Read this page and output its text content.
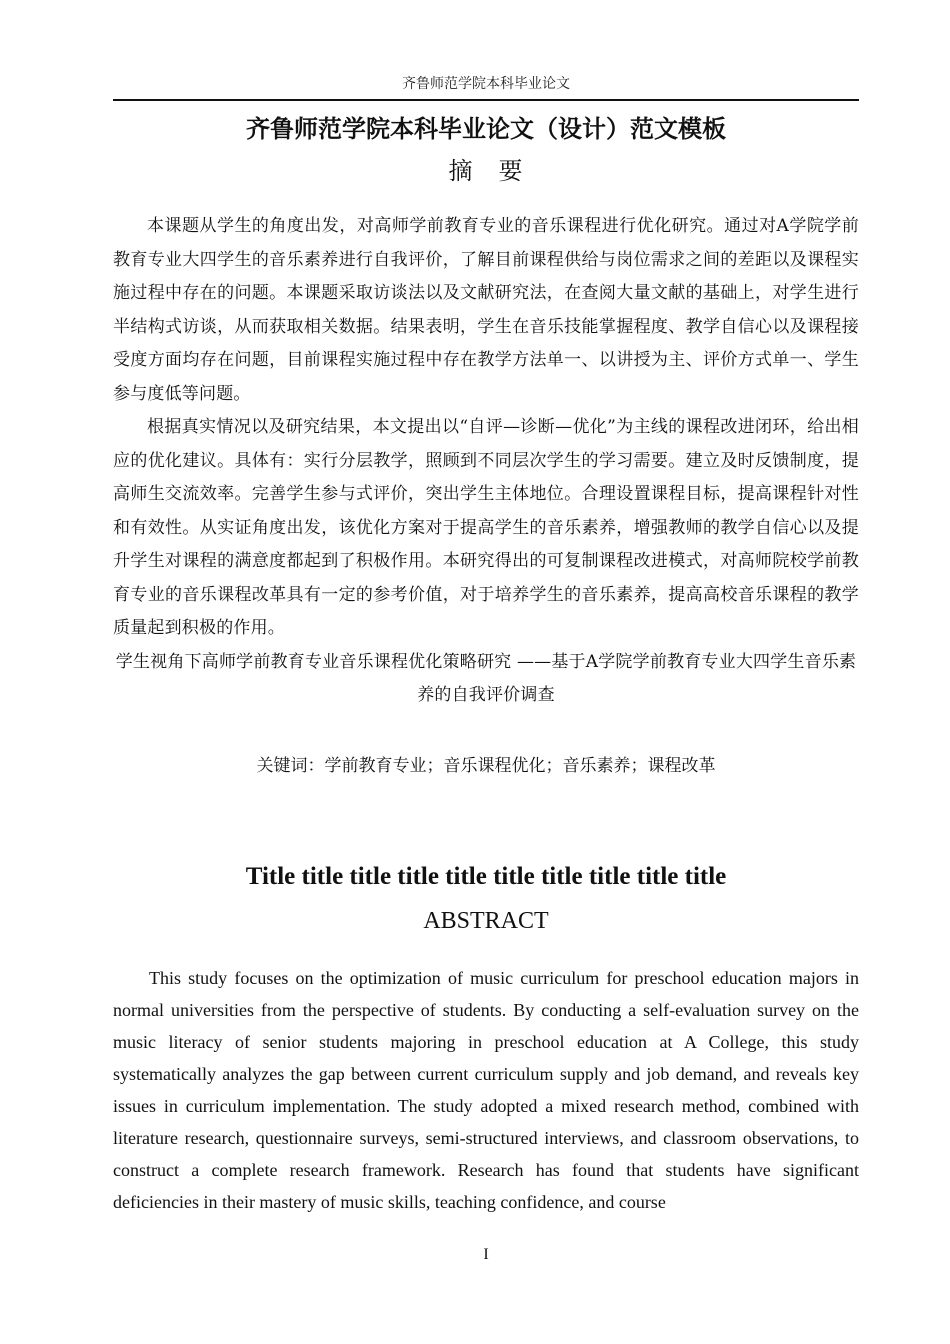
齐鲁师范学院本科毕业论文
齐鲁师范学院本科毕业论文（设计）范文模板
摘　要

本课题从学生的角度出发，对高师学前教育专业的音乐课程进行优化研究。通过对A学院学前教育专业大四学生的音乐素养进行自我评价，了解目前课程供给与岗位需求之间的差距以及课程实施过程中存在的问题。本课题采取访谈法以及文献研究法，在查阅大量文献的基础上，对学生进行半结构式访谈，从而获取相关数据。结果表明，学生在音乐技能掌握程度、教学自信心以及课程接受度方面均存在问题，目前课程实施过程中存在教学方法单一、以讲授为主、评价方式单一、学生参与度低等问题。

根据真实情况以及研究结果，本文提出以“自评—诊断—优化”为主线的课程改进闭环，给出相应的优化建议。具体有：实行分层教学，照顾到不同层次学生的学习需要。建立及时反馈制度，提高师生交流效率。完善学生参与式评价，突出学生主体地位。合理设置课程目标，提高课程针对性和有效性。从实证角度出发，该优化方案对于提高学生的音乐素养，增强教师的教学自信心以及提升学生对课程的满意度都起到了积极作用。本研究得出的可复制课程改进模式，对高师院校学前教育专业的音乐课程改革具有一定的参考价值，对于培养学生的音乐素养，提高高校音乐课程的教学质量起到积极的作用。

学生视角下高师学前教育专业音乐课程优化策略研究 ——基于A学院学前教育专业大四学生音乐素养的自我评价调查

关键词：学前教育专业；音乐课程优化；音乐素养；课程改革
Title title title title title title title title title title
ABSTRACT

This study focuses on the optimization of music curriculum for preschool education majors in normal universities from the perspective of students. By conducting a self-evaluation survey on the music literacy of senior students majoring in preschool education at A College, this study systematically analyzes the gap between current curriculum supply and job demand, and reveals key issues in curriculum implementation. The study adopted a mixed research method, combined with literature research, questionnaire surveys, semi-structured interviews, and classroom observations, to construct a complete research framework. Research has found that students have significant deficiencies in their mastery of music skills, teaching confidence, and course

I
